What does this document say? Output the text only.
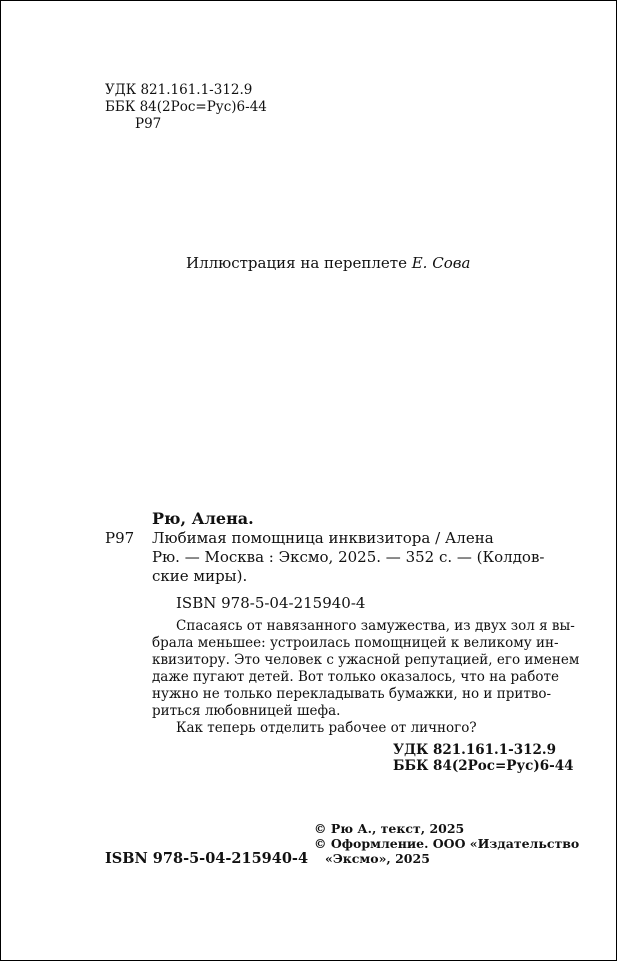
УДК 821.161.1-312.9
ББК 84(2Рос=Рус)6-44
Р97
Иллюстрация на переплете Е. Сова
Рю, Алена.
Р97 Любимая помощница инквизитора / Алена
Рю. — Москва : Эксмо, 2025. — 352 с. — (Колдов-
ские миры).
ISBN 978-5-04-215940-4
Спасаясь от навязанного замужества, из двух зол я вы-
брала меньшее: устроилась помощницей к великому ин-
квизитору. Это человек с ужасной репутацией, его именем
даже пугают детей. Вот только оказалось, что на работе
нужно не только перекладывать бумажки, но и притво-
риться любовницей шефа.
Как теперь отделить рабочее от личного?
УДК 821.161.1-312.9
ББК 84(2Рос=Рус)6-44
© Рю А., текст, 2025
© Оформление. ООО «Издательство
«Эксмо», 2025
ISBN 978-5-04-215940-4
